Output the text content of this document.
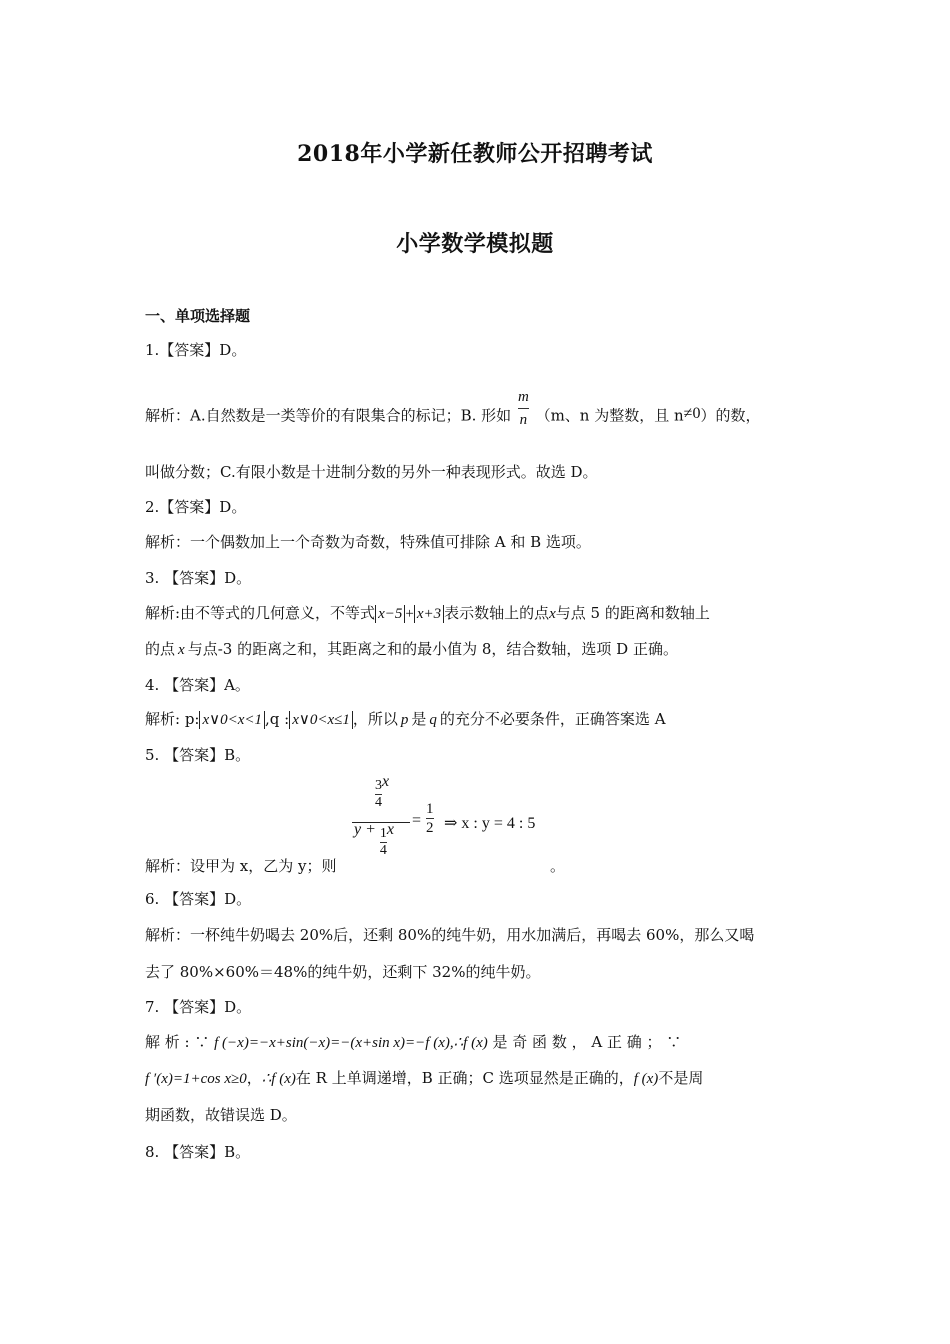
2018年小学新任教师公开招聘考试
小学数学模拟题
一、单项选择题
1.【答案】D。
解析：A.自然数是一类等价的有限集合的标记；B. 形如 $\frac{m}{n} (m$、n 为整数，且 n≠0）的数，
叫做分数；C.有限小数是十进制分数的另外一种表现形式。故选 D。
2.【答案】D。
解析：一个偶数加上一个奇数为奇数，特殊值可排除 A 和 B 选项。
3. 【答案】D。
解析:由不等式的几何意义，不等式 x−5 + x+3 表示数轴上的点x与点 5 的距离和数轴上
的点 x 与点-3 的距离之和，其距离之和的最小值为 8，结合数轴，选项 D 正确。
4. 【答案】A。
解析: p: x∨0<x<1 ,q : x∨0<x≤1 ，所以 p 是 q 的充分不必要条件，正确答案选 A
5. 【答案】B。
$\frac{3}{4}$ x
$y + \frac{1}{4}$ x
= $\frac{1}{2}$ ⇒ x : y = 4 : 5
解析：设甲为 x，乙为 y；则	。
6. 【答案】D。
解析：一杯纯牛奶喝去 20%后，还剩 80%的纯牛奶，用水加满后，再喝去 60%，那么又喝
去了 80%×60%＝48%的纯牛奶，还剩下 32%的纯牛奶。
7. 【答案】D。
解 析 : ∵ f (−x)=−x+sin(−x)=−(x+sin x)=−f (x),∴f (x) 是 奇 函 数 ， A 正 确 ； ∵
f ′(x)=1+cos x≥0，∴f (x)在 R 上单调递增，B 正确；C 选项显然是正确的，f (x)不是周
期函数，故错误选 D。
8. 【答案】B。
